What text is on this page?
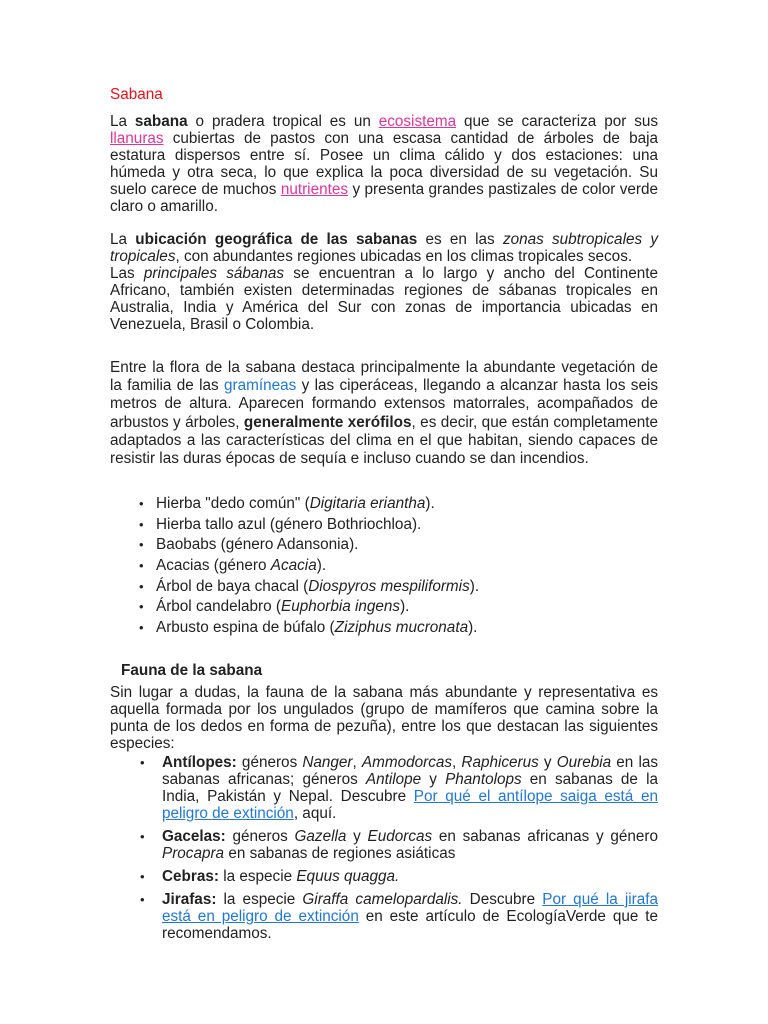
Sabana
La sabana o pradera tropical es un ecosistema que se caracteriza por sus llanuras cubiertas de pastos con una escasa cantidad de árboles de baja estatura dispersos entre sí. Posee un clima cálido y dos estaciones: una húmeda y otra seca, lo que explica la poca diversidad de su vegetación. Su suelo carece de muchos nutrientes y presenta grandes pastizales de color verde claro o amarillo.
La ubicación geográfica de las sabanas es en las zonas subtropicales y tropicales, con abundantes regiones ubicadas en los climas tropicales secos.
Las principales sábanas se encuentran a lo largo y ancho del Continente Africano, también existen determinadas regiones de sábanas tropicales en Australia, India y América del Sur con zonas de importancia ubicadas en Venezuela, Brasil o Colombia.
Entre la flora de la sabana destaca principalmente la abundante vegetación de la familia de las gramíneas y las ciperáceas, llegando a alcanzar hasta los seis metros de altura. Aparecen formando extensos matorrales, acompañados de arbustos y árboles, generalmente xerófilos, es decir, que están completamente adaptados a las características del clima en el que habitan, siendo capaces de resistir las duras épocas de sequía e incluso cuando se dan incendios.
• Hierba "dedo común" (Digitaria eriantha).
• Hierba tallo azul (género Bothriochloa).
• Baobabs (género Adansonia).
• Acacias (género Acacia).
• Árbol de baya chacal (Diospyros mespiliformis).
• Árbol candelabro (Euphorbia ingens).
• Arbusto espina de búfalo (Ziziphus mucronata).
Fauna de la sabana
Sin lugar a dudas, la fauna de la sabana más abundante y representativa es aquella formada por los ungulados (grupo de mamíferos que camina sobre la punta de los dedos en forma de pezuña), entre los que destacan las siguientes especies:
• Antílopes: géneros Nanger, Ammodorcas, Raphicerus y Ourebia en las sabanas africanas; géneros Antilope y Phantolops en sabanas de la India, Pakistán y Nepal. Descubre Por qué el antílope saiga está en peligro de extinción, aquí.
• Gacelas: géneros Gazella y Eudorcas en sabanas africanas y género Procapra en sabanas de regiones asiáticas
• Cebras: la especie Equus quagga.
• Jirafas: la especie Giraffa camelopardalis. Descubre Por qué la jirafa está en peligro de extinción en este artículo de EcologíaVerde que te recomendamos.
